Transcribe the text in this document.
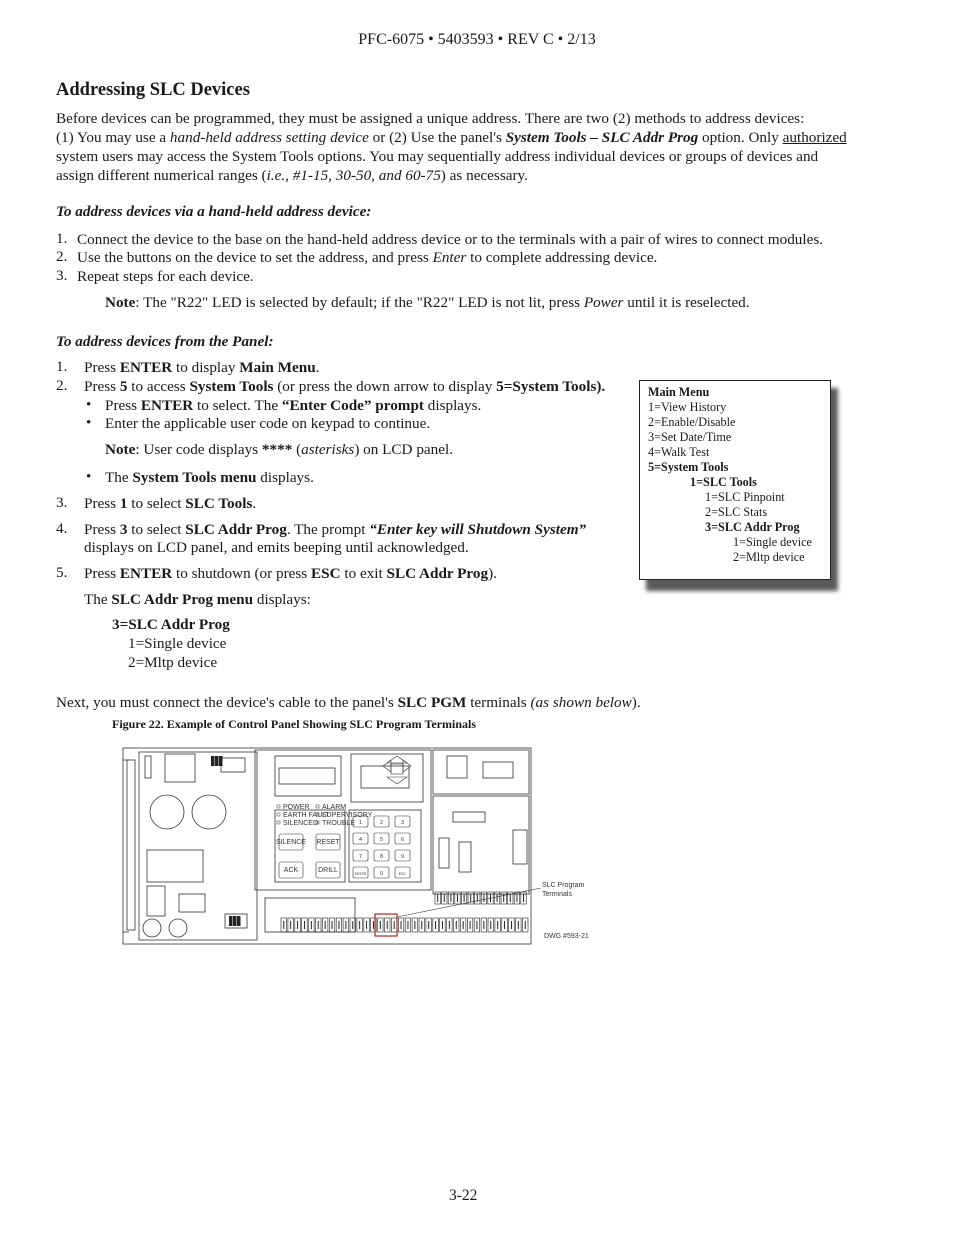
PFC-6075 • 5403593 • REV C • 2/13
Addressing SLC Devices
Before devices can be programmed, they must be assigned a unique address. There are two (2) methods to address devices:
(1) You may use a hand-held address setting device or (2) Use the panel's System Tools – SLC Addr Prog option. Only authorized
system users may access the System Tools options. You may sequentially address individual devices or groups of devices and
assign different numerical ranges (i.e., #1-15, 30-50, and 60-75) as necessary.
To address devices via a hand-held address device:
1. Connect the device to the base on the hand-held address device or to the terminals with a pair of wires to connect modules.
2. Use the buttons on the device to set the address, and press Enter to complete addressing device.
3. Repeat steps for each device.
Note: The "R22" LED is selected by default; if the "R22" LED is not lit, press Power until it is reselected.
To address devices from the Panel:
1. Press ENTER to display Main Menu.
2. Press 5 to access System Tools (or press the down arrow to display 5=System Tools).
• Press ENTER to select. The “Enter Code” prompt displays.
• Enter the applicable user code on keypad to continue.
Note: User code displays **** (asterisks) on LCD panel.
• The System Tools menu displays.
3. Press 1 to select SLC Tools.
4. Press 3 to select SLC Addr Prog. The prompt “Enter key will Shutdown System”
displays on LCD panel, and emits beeping until acknowledged.
5. Press ENTER to shutdown (or press ESC to exit SLC Addr Prog).
The SLC Addr Prog menu displays:
3=SLC Addr Prog
1=Single device
2=Mltp device
Main Menu
1=View History
2=Enable/Disable
3=Set Date/Time
4=Walk Test
5=System Tools
1=SLC Tools
1=SLC Pinpoint
2=SLC Stats
3=SLC Addr Prog
1=Single device
2=Mltp device
Next, you must connect the device's cable to the panel's SLC PGM terminals (as shown below).
Figure 22. Example of Control Panel Showing SLC Program Terminals
POWER
EARTH FAULT
SILENCED
ALARM
SUPERVISORY
TROUBLE
SILENCE RESET
ACK	DRILL
1	2	3
4	5	6
7	8	9
ENTER 0	ESC
SLC Program
Terminals
DWG #593-21
3-22
